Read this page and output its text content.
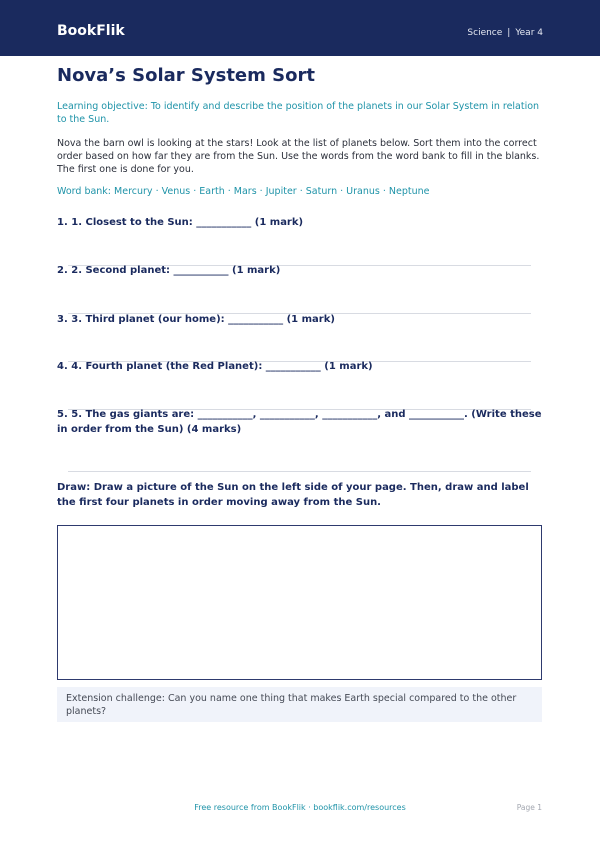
BookFlik	Science | Year 4
Nova’s Solar System Sort
Learning objective: To identify and describe the position of the planets in our Solar System in relation to the Sun.
Nova the barn owl is looking at the stars! Look at the list of planets below. Sort them into the correct order based on how far they are from the Sun. Use the words from the word bank to fill in the blanks. The first one is done for you.
Word bank: Mercury · Venus · Earth · Mars · Jupiter · Saturn · Uranus · Neptune
1. 1. Closest to the Sun: ___________ (1 mark)
2. 2. Second planet: ___________ (1 mark)
3. 3. Third planet (our home): ___________ (1 mark)
4. 4. Fourth planet (the Red Planet): ___________ (1 mark)
5. 5. The gas giants are: ___________, ___________, ___________, and ___________. (Write these in order from the Sun) (4 marks)
Draw: Draw a picture of the Sun on the left side of your page. Then, draw and label the first four planets in order moving away from the Sun.
Extension challenge: Can you name one thing that makes Earth special compared to the other planets?
Free resource from BookFlik · bookflik.com/resources	Page 1
